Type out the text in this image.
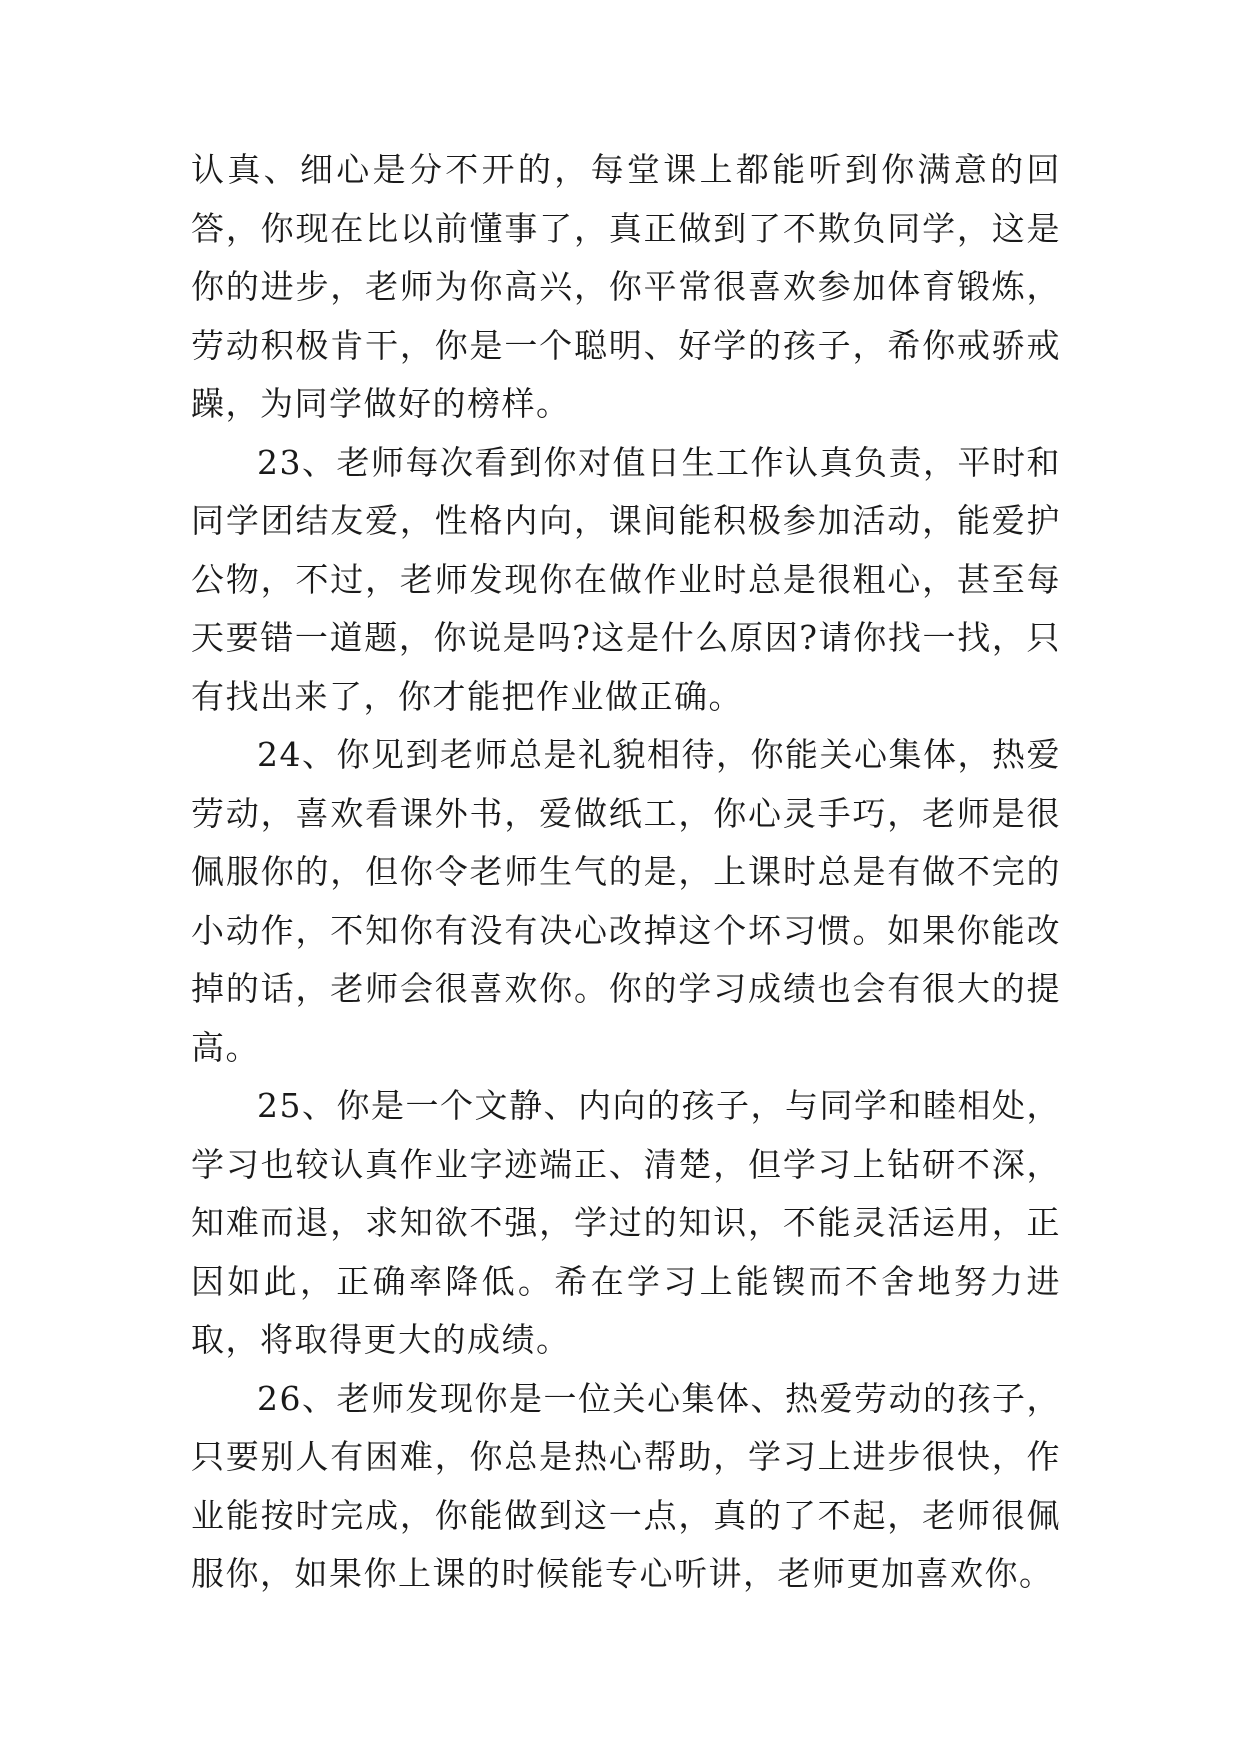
认真、细心是分不开的，每堂课上都能听到你满意的回答，你现在比以前懂事了，真正做到了不欺负同学，这是你的进步，老师为你高兴，你平常很喜欢参加体育锻炼，劳动积极肯干，你是一个聪明、好学的孩子，希你戒骄戒躁，为同学做好的榜样。

23、老师每次看到你对值日生工作认真负责，平时和同学团结友爱，性格内向，课间能积极参加活动，能爱护公物，不过，老师发现你在做作业时总是很粗心，甚至每天要错一道题，你说是吗?这是什么原因?请你找一找，只有找出来了，你才能把作业做正确。

24、你见到老师总是礼貌相待，你能关心集体，热爱劳动，喜欢看课外书，爱做纸工，你心灵手巧，老师是很佩服你的，但你令老师生气的是，上课时总是有做不完的小动作，不知你有没有决心改掉这个坏习惯。如果你能改掉的话，老师会很喜欢你。你的学习成绩也会有很大的提高。

25、你是一个文静、内向的孩子，与同学和睦相处，学习也较认真作业字迹端正、清楚，但学习上钻研不深，知难而退，求知欲不强，学过的知识，不能灵活运用，正因如此，正确率降低。希在学习上能锲而不舍地努力进取，将取得更大的成绩。

26、老师发现你是一位关心集体、热爱劳动的孩子，只要别人有困难，你总是热心帮助，学习上进步很快，作业能按时完成，你能做到这一点，真的了不起，老师很佩服你，如果你上课的时候能专心听讲，老师更加喜欢你。
